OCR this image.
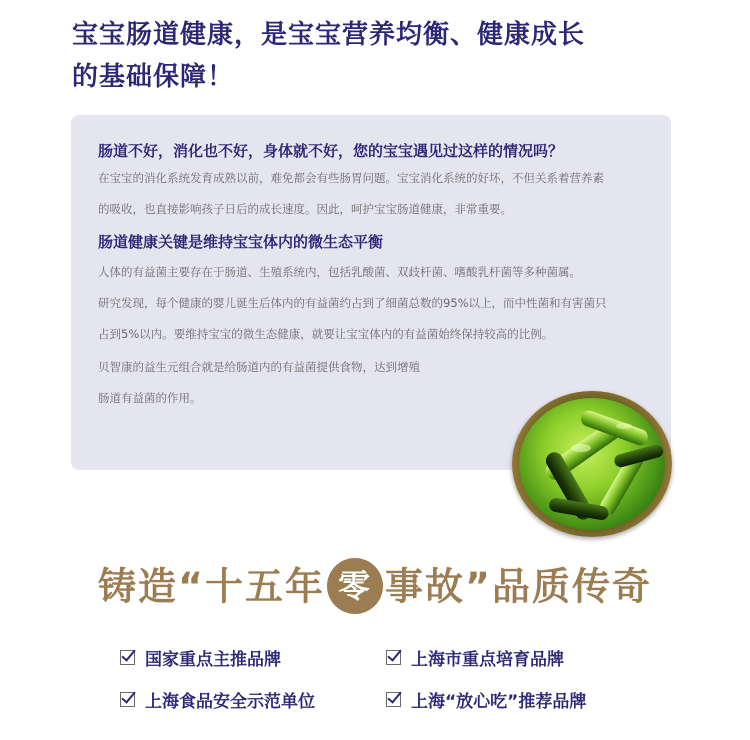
宝宝肠道健康，是宝宝营养均衡、健康成长
的基础保障！
肠道不好，消化也不好，身体就不好，您的宝宝遇见过这样的情况吗？
在宝宝的消化系统发育成熟以前，难免都会有些肠胃问题。宝宝消化系统的好坏，不但关系着营养素
的吸收，也直接影响孩子日后的成长速度。因此，呵护宝宝肠道健康，非常重要。
肠道健康关键是维持宝宝体内的微生态平衡
人体的有益菌主要存在于肠道、生殖系统内，包括乳酸菌、双歧杆菌、嗜酸乳杆菌等多种菌属。
研究发现，每个健康的婴儿诞生后体内的有益菌约占到了细菌总数的95%以上，而中性菌和有害菌只
占到5%以内。要维持宝宝的微生态健康，就要让宝宝体内的有益菌始终保持较高的比例。
贝智康的益生元组合就是给肠道内的有益菌提供食物，达到增殖
肠道有益菌的作用。
铸造“十五年 零 事故”品质传奇
国家重点主推品牌	上海市重点培育品牌
上海食品安全示范单位	上海“放心吃”推荐品牌
